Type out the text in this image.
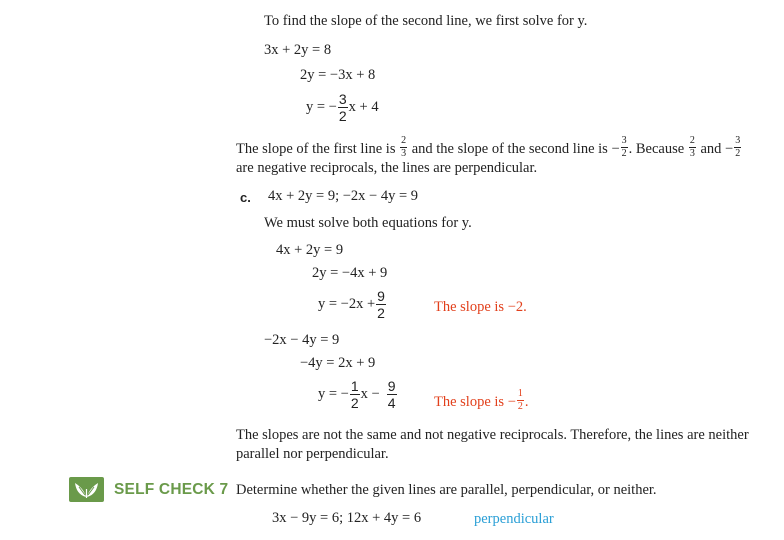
To find the slope of the second line, we first solve for y.
3x + 2y = 8
2y = −3x + 8
y = − $\frac{3}{2}$ x + 4
The slope of the first line is $\frac{2}{3}$ and the slope of the second line is − $\frac{3}{2}$ . Because $\frac{2}{3}$ and − $\frac{3}{2}$
are negative reciprocals, the lines are perpendicular.
c. 4x + 2y = 9; −2x − 4y = 9
We must solve both equations for y.
4x + 2y = 9
2y = −4x + 9
$y = -2x + \frac{9}{2}$	The slope is −2.
−2x − 4y = 9
−4y = 2x + 9
y = − $\frac{1}{2}$ $x - \frac{9}{4}$	The slope is − $\frac{1}{2}$ .
The slopes are not the same and not negative reciprocals. Therefore, the lines are neither
parallel nor perpendicular.
SELF CHECK 7 Determine whether the given lines are parallel, perpendicular, or neither.
3x − 9y = 6; 12x + 4y = 6	perpendicular
